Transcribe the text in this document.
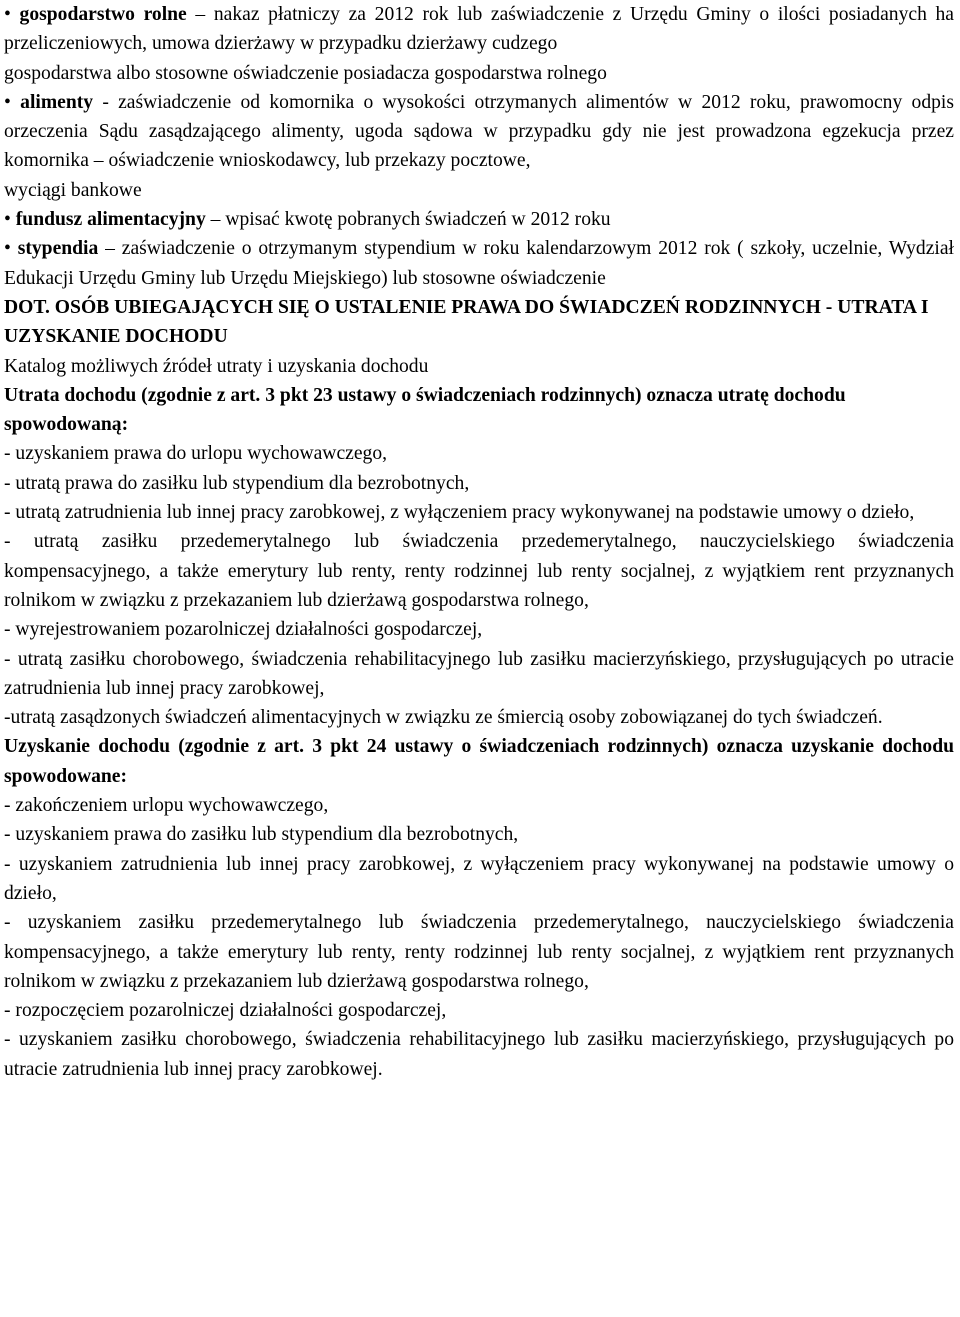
• gospodarstwo rolne – nakaz płatniczy za 2012 rok lub zaświadczenie z Urzędu Gminy o ilości posiadanych ha przeliczeniowych, umowa dzierżawy w przypadku dzierżawy cudzego

gospodarstwa albo stosowne oświadczenie posiadacza gospodarstwa rolnego

• alimenty - zaświadczenie od komornika o wysokości otrzymanych alimentów w 2012 roku, prawomocny odpis orzeczenia Sądu zasądzającego alimenty, ugoda sądowa w przypadku gdy nie jest prowadzona egzekucja przez komornika – oświadczenie wnioskodawcy, lub przekazy pocztowe,

wyciągi bankowe

• fundusz alimentacyjny – wpisać kwotę pobranych świadczeń w 2012 roku

• stypendia – zaświadczenie o otrzymanym stypendium w roku kalendarzowym 2012 rok ( szkoły, uczelnie, Wydział Edukacji Urzędu Gminy lub Urzędu Miejskiego) lub stosowne oświadczenie

DOT. OSÓB UBIEGAJĄCYCH SIĘ O USTALENIE PRAWA DO ŚWIADCZEŃ RODZINNYCH - UTRATA I UZYSKANIE DOCHODU

Katalog możliwych źródeł utraty i uzyskania dochodu

Utrata dochodu (zgodnie z art. 3 pkt 23 ustawy o świadczeniach rodzinnych) oznacza utratę dochodu

spowodowaną:

- uzyskaniem prawa do urlopu wychowawczego,

- utratą prawa do zasiłku lub stypendium dla bezrobotnych,

- utratą zatrudnienia lub innej pracy zarobkowej, z wyłączeniem pracy wykonywanej na podstawie umowy o dzieło,

- utratą zasiłku przedemerytalnego lub świadczenia przedemerytalnego, nauczycielskiego świadczenia kompensacyjnego, a także emerytury lub renty, renty rodzinnej lub renty socjalnej, z wyjątkiem rent przyznanych rolnikom w związku z przekazaniem lub dzierżawą gospodarstwa rolnego,

- wyrejestrowaniem pozarolniczej działalności gospodarczej,

- utratą zasiłku chorobowego, świadczenia rehabilitacyjnego lub zasiłku macierzyńskiego, przysługujących po utracie zatrudnienia lub innej pracy zarobkowej,

-utratą zasądzonych świadczeń alimentacyjnych w związku ze śmiercią osoby zobowiązanej do tych świadczeń.

Uzyskanie dochodu (zgodnie z art. 3 pkt 24 ustawy o świadczeniach rodzinnych) oznacza uzyskanie dochodu spowodowane:

- zakończeniem urlopu wychowawczego,

- uzyskaniem prawa do zasiłku lub stypendium dla bezrobotnych,

- uzyskaniem zatrudnienia lub innej pracy zarobkowej, z wyłączeniem pracy wykonywanej na podstawie umowy o dzieło,

- uzyskaniem zasiłku przedemerytalnego lub świadczenia przedemerytalnego, nauczycielskiego świadczenia kompensacyjnego, a także emerytury lub renty, renty rodzinnej lub renty socjalnej, z wyjątkiem rent przyznanych rolnikom w związku z przekazaniem lub dzierżawą gospodarstwa rolnego,

- rozpoczęciem pozarolniczej działalności gospodarczej,

- uzyskaniem zasiłku chorobowego, świadczenia rehabilitacyjnego lub zasiłku macierzyńskiego, przysługujących po utracie zatrudnienia lub innej pracy zarobkowej.
